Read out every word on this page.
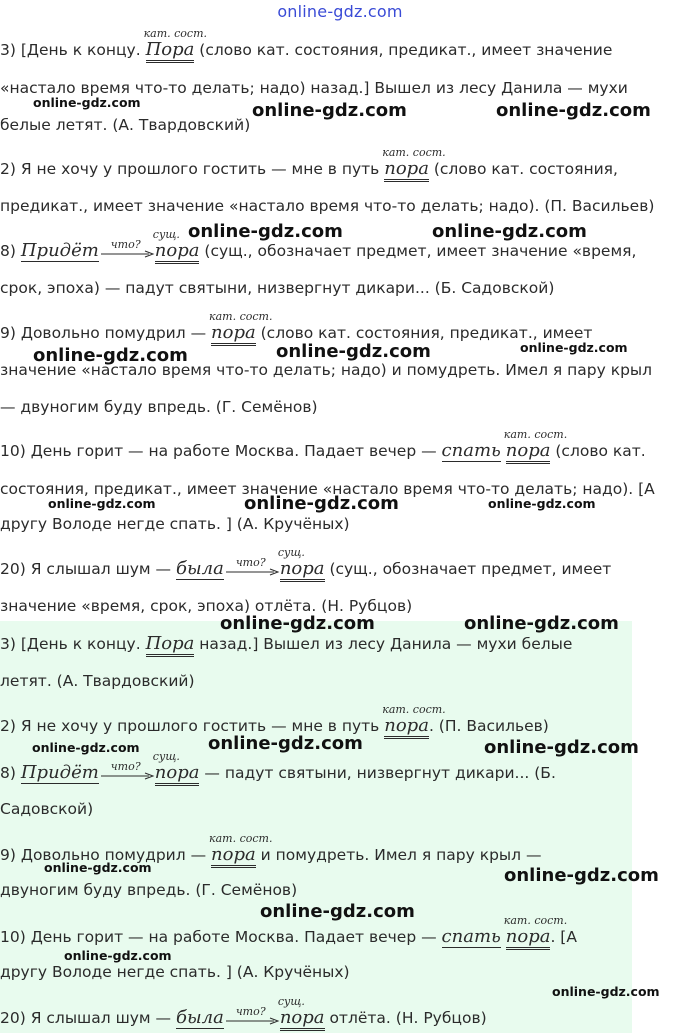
online-gdz.com
3) [День к концу.
кат. сост.
Пора (слово кат. состояния, предикат., имеет значение
«настало время что-то делать; надо) назад.] Вышел из лесу Данила — мухи
белые летят. (А. Твардовский)
2) Я не хочу у прошлого гостить — мне в путь
кат. сост.
пора (слово кат. состояния,
предикат., имеет значение «настало время что-то делать; надо). (П. Васильев)
8) Придёт что?
сущ.
пора (сущ., обозначает предмет, имеет значение «время,
срок, эпоха) — падут святыни, низвергнут дикари... (Б. Садовской)
9) Довольно помудрил —
кат. сост.
пора (слово кат. состояния, предикат., имеет
значение «настало время что-то делать; надо) и помудреть. Имел я пару крыл
— двуногим буду впредь. (Г. Семёнов)
10) День горит — на работе Москва. Падает вечер — спать
кат. сост.
пора (слово кат.
состояния, предикат., имеет значение «настало время что-то делать; надо). [А
другу Володе негде спать. ] (А. Кручёных)
20) Я слышал шум — была что?
сущ.
пора (сущ., обозначает предмет, имеет
значение «время, срок, эпоха) отлёта. (Н. Рубцов)
3) [День к концу. Пора назад.] Вышел из лесу Данила — мухи белые
летят. (А. Твардовский)
2) Я не хочу у прошлого гостить — мне в путь
кат. сост.
пора. (П. Васильев)
8) Придёт что?
сущ.
пора — падут святыни, низвергнут дикари... (Б.
Садовской)
9) Довольно помудрил —
кат. сост.
пора и помудреть. Имел я пару крыл —
двуногим буду впредь. (Г. Семёнов)
10) День горит — на работе Москва. Падает вечер — спать
кат. сост.
пора. [А
другу Володе негде спать. ] (А. Кручёных)
20) Я слышал шум — была что?
сущ.
пора отлёта. (Н. Рубцов)
online-gdz.com	online-gdz.com	online-gdz.com
online-gdz.com	online-gdz.com
online-gdz.com	online-gdz.com	online-gdz.com
online-gdz.com	online-gdz.com	online-gdz.com
online-gdz.com	online-gdz.com
online-gdz.com	online-gdz.com	online-gdz.com
online-gdz.com	online-gdz.com
online-gdz.com
online-gdz.com
online-gdz.com
